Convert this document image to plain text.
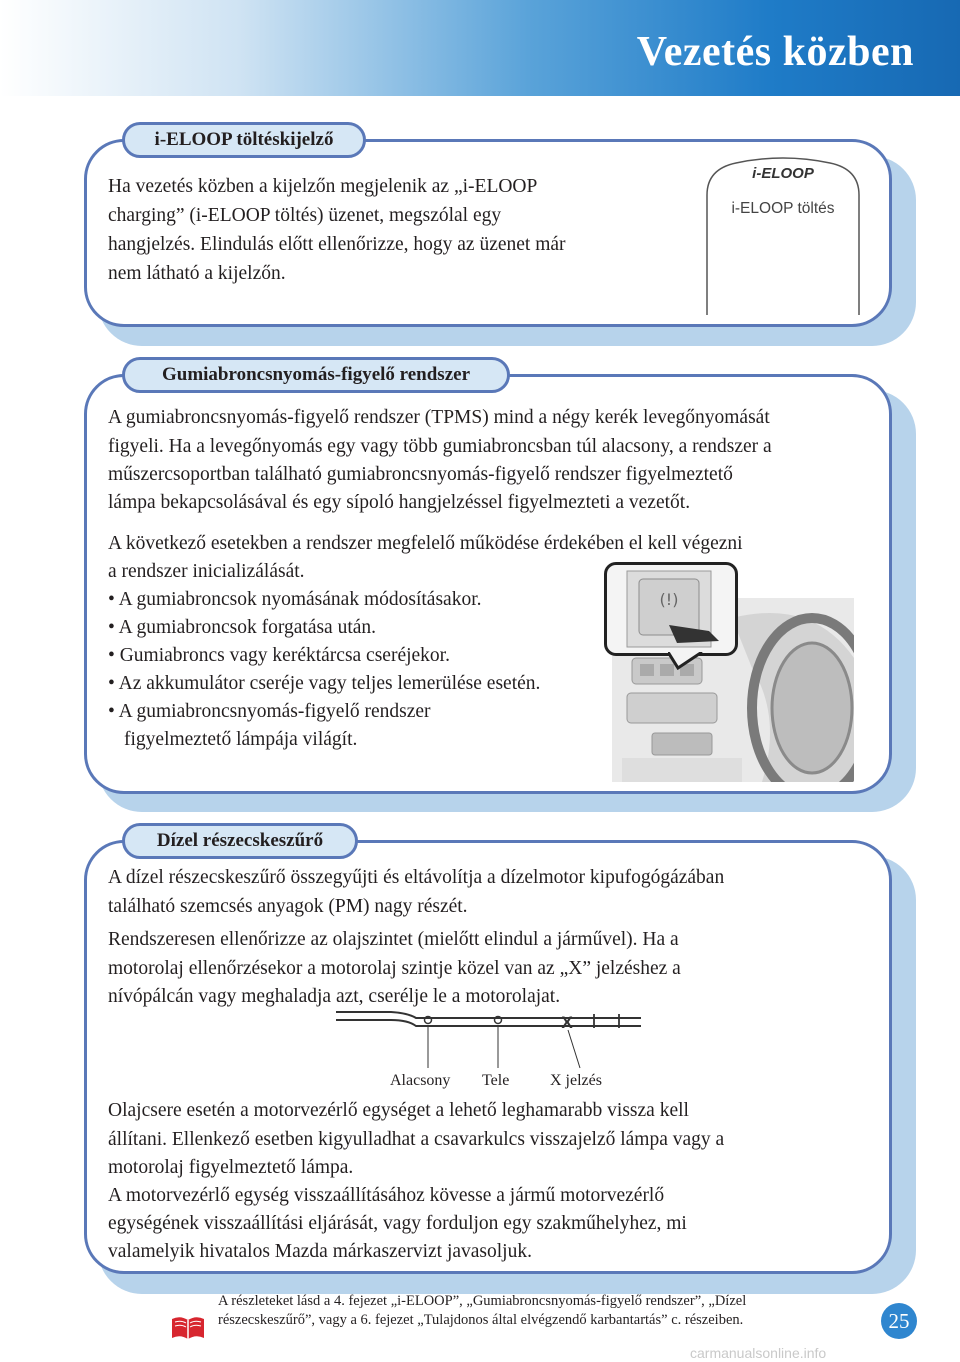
Vezetés közben
i-ELOOP töltéskijelző
Ha vezetés közben a kijelzőn megjelenik az „i-ELOOP
charging” (i-ELOOP töltés) üzenet, megszólal egy
hangjelzés. Elindulás előtt ellenőrizze, hogy az üzenet már
nem látható a kijelzőn.
i-ELOOP
i-ELOOP töltés
Gumiabroncsnyomás-figyelő rendszer
A gumiabroncsnyomás-figyelő rendszer (TPMS) mind a négy kerék levegőnyomását
figyeli. Ha a levegőnyomás egy vagy több gumiabroncsban túl alacsony, a rendszer a
műszercsoportban található gumiabroncsnyomás-figyelő rendszer figyelmeztető
lámpa bekapcsolásával és egy sípoló hangjelzéssel figyelmezteti a vezetőt.
A következő esetekben a rendszer megfelelő működése érdekében el kell végezni
a rendszer inicializálását.
• A gumiabroncsok nyomásának módosításakor.
• A gumiabroncsok forgatása után.
• Gumiabroncs vagy keréktárcsa cseréjekor.
• Az akkumulátor cseréje vagy teljes lemerülése esetén.
• A gumiabroncsnyomás-figyelő rendszer
figyelmeztető lámpája világít.
(!)
Dízel részecskeszűrő
A dízel részecskeszűrő összegyűjti és eltávolítja a dízelmotor kipufogógázában
található szemcsés anyagok (PM) nagy részét.
Rendszeresen ellenőrizze az olajszintet (mielőtt elindul a járművel). Ha a
motorolaj ellenőrzésekor a motorolaj szintje közel van az „X” jelzéshez a
nívópálcán vagy meghaladja azt, cserélje le a motorolajat.
X
Alacsony Tele	X jelzés
Olajcsere esetén a motorvezérlő egységet a lehető leghamarabb vissza kell
állítani. Ellenkező esetben kigyulladhat a csavarkulcs visszajelző lámpa vagy a
motorolaj figyelmeztető lámpa.
A motorvezérlő egység visszaállításához kövesse a jármű motorvezérlő
egységének visszaállítási eljárását, vagy forduljon egy szakműhelyhez, mi
valamelyik hivatalos Mazda márkaszervizt javasoljuk.
A részleteket lásd a 4. fejezet „i-ELOOP”, „Gumiabroncsnyomás-figyelő rendszer”, „Dízel
részecskeszűrő”, vagy a 6. fejezet „Tulajdonos által elvégzendő karbantartás” c. részeiben.	25
carmanualsonline.info
